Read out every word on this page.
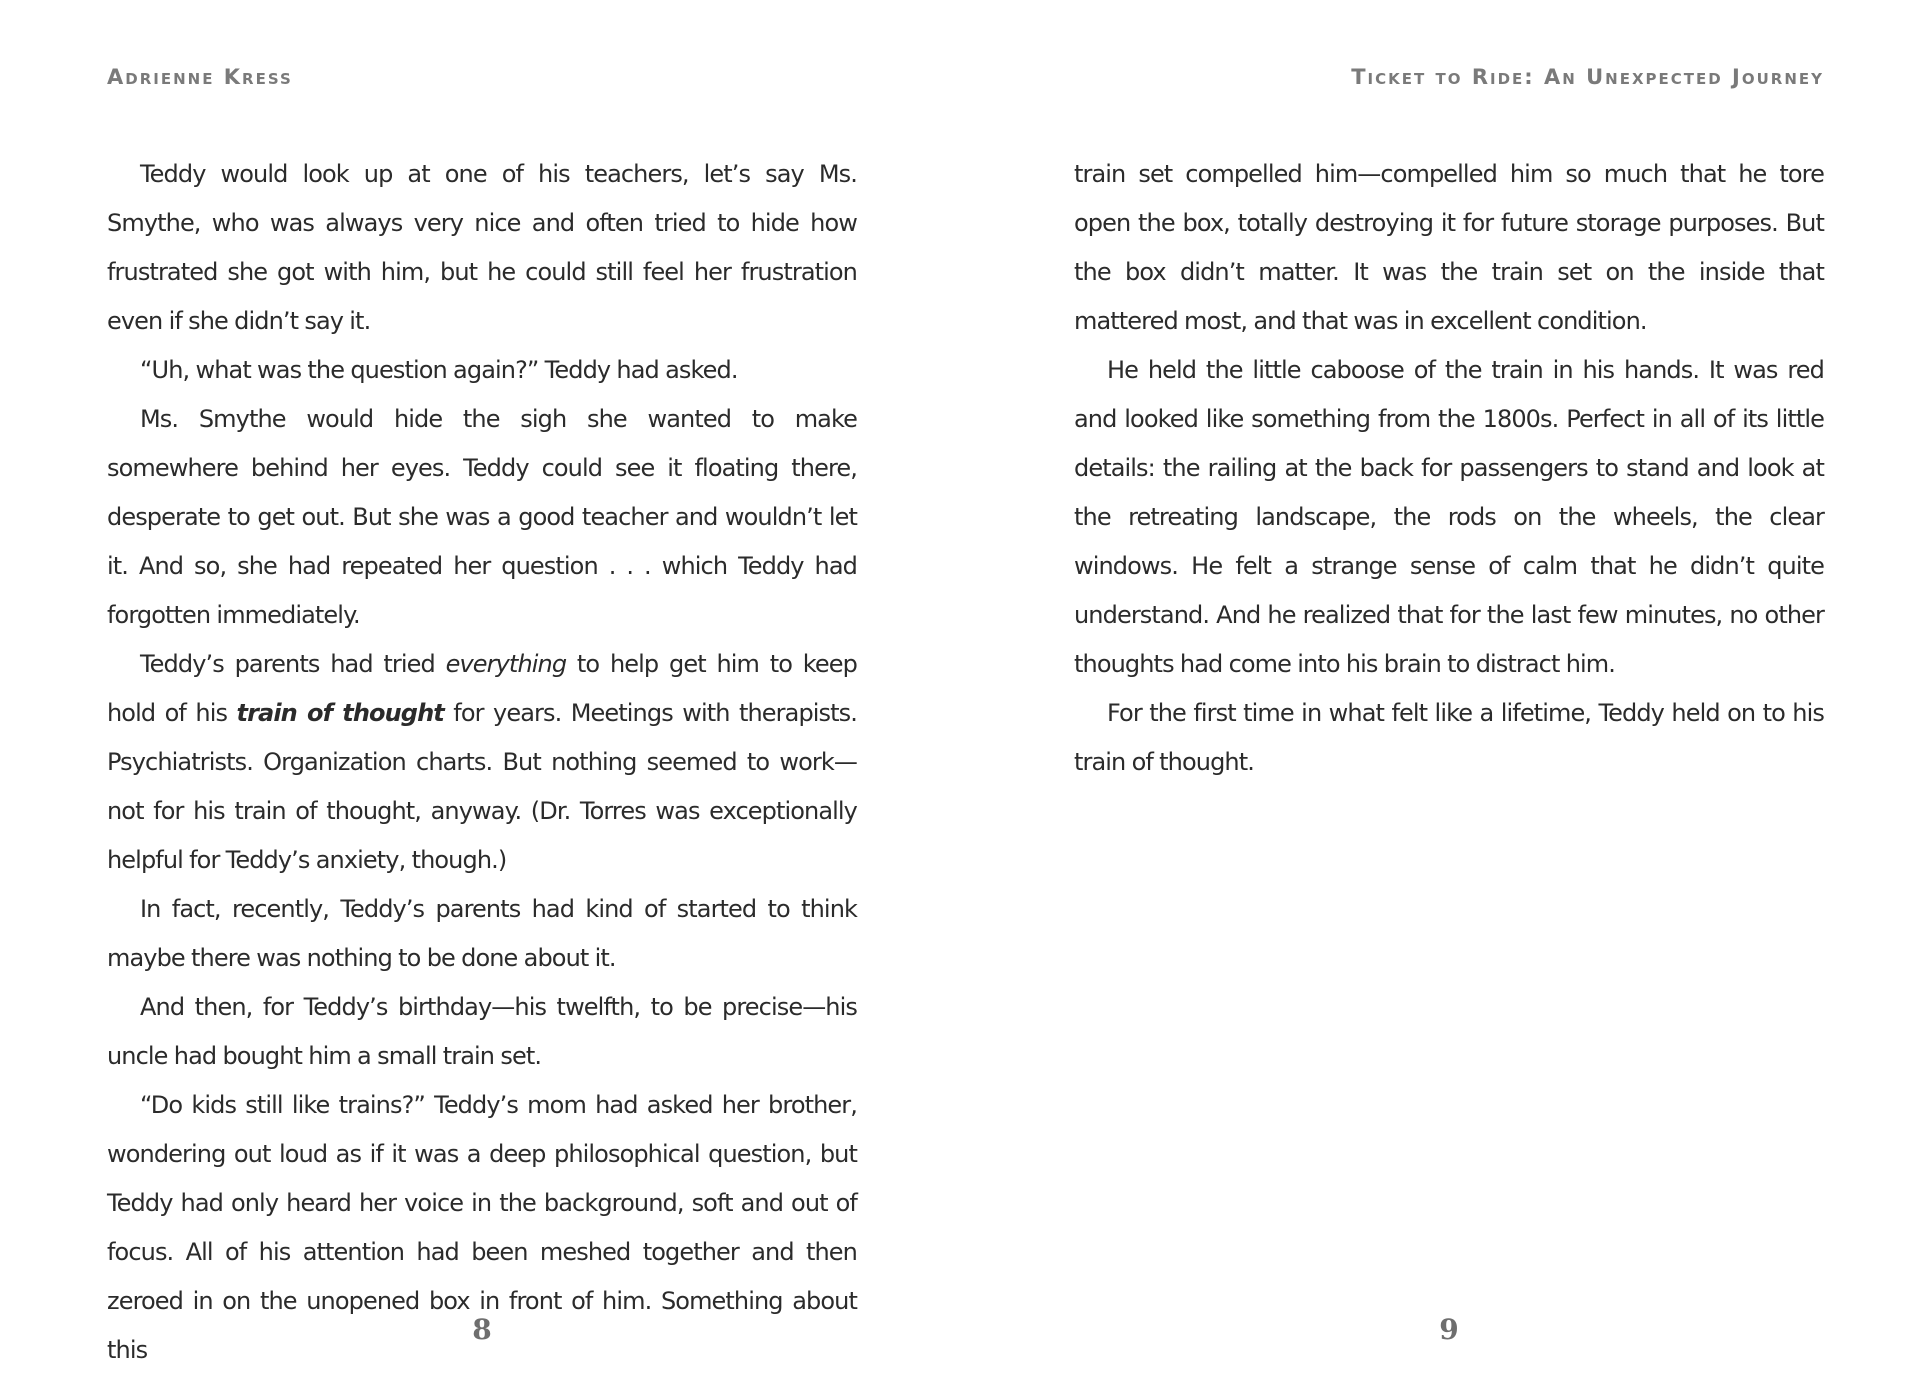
Adrienne Kress

Teddy would look up at one of his teachers, let’s say Ms. Smythe, who was always very nice and often tried to hide how frustrated she got with him, but he could still feel her frustration even if she didn’t say it.

“Uh, what was the question again?” Teddy had asked.

Ms. Smythe would hide the sigh she wanted to make somewhere behind her eyes. Teddy could see it floating there, desperate to get out. But she was a good teacher and wouldn’t let it. And so, she had repeated her question . . . which Teddy had forgotten immediately.

Teddy’s parents had tried everything to help get him to keep hold of his train of thought for years. Meetings with therapists. Psychiatrists. Organization charts. But nothing seemed to work—not for his train of thought, anyway. (Dr. Torres was exceptionally helpful for Teddy’s anxiety, though.)

In fact, recently, Teddy’s parents had kind of started to think maybe there was nothing to be done about it.

And then, for Teddy’s birthday—his twelfth, to be precise—his uncle had bought him a small train set.

“Do kids still like trains?” Teddy’s mom had asked her brother, wondering out loud as if it was a deep philosophical question, but Teddy had only heard her voice in the background, soft and out of focus. All of his attention had been meshed together and then zeroed in on the unopened box in front of him. Something about this

8
Ticket to Ride: An Unexpected Journey

train set compelled him—compelled him so much that he tore open the box, totally destroying it for future storage purposes. But the box didn’t matter. It was the train set on the inside that mattered most, and that was in excellent condition.

He held the little caboose of the train in his hands. It was red and looked like something from the 1800s. Perfect in all of its little details: the railing at the back for passengers to stand and look at the retreating landscape, the rods on the wheels, the clear windows. He felt a strange sense of calm that he didn’t quite understand. And he realized that for the last few minutes, no other thoughts had come into his brain to distract him.

For the first time in what felt like a lifetime, Teddy held on to his train of thought.

9
